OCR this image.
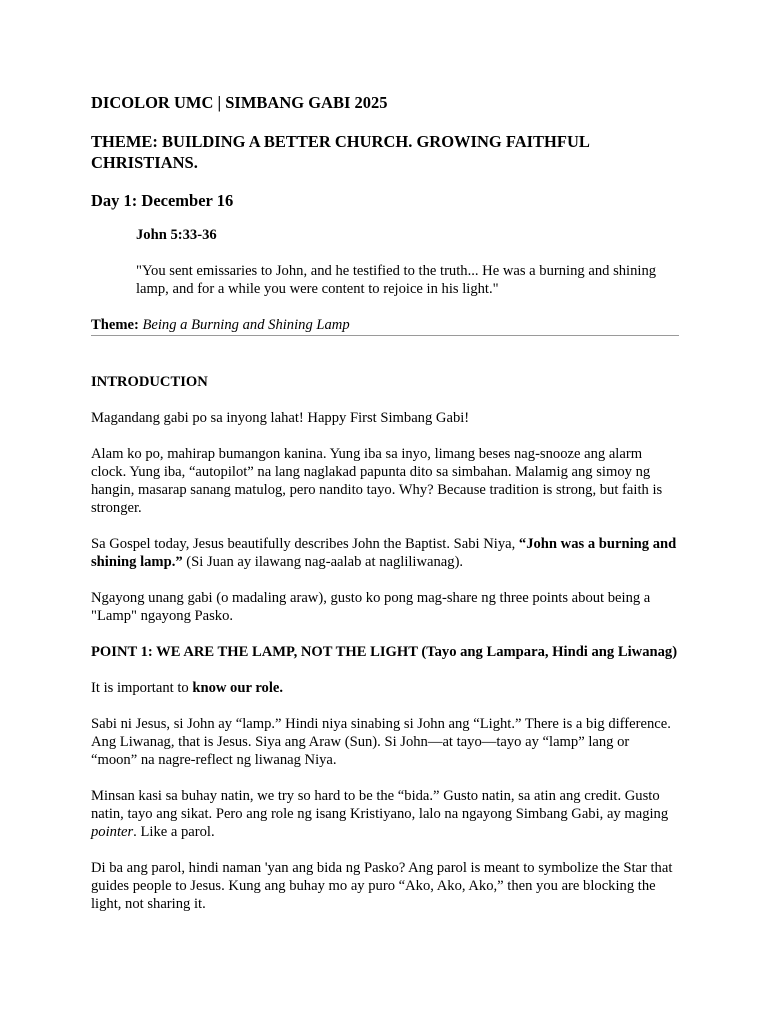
DICOLOR UMC | SIMBANG GABI 2025

THEME: BUILDING A BETTER CHURCH. GROWING FAITHFUL CHRISTIANS.

Day 1: December 16

John 5:33-36

"You sent emissaries to John, and he testified to the truth... He was a burning and shining lamp, and for a while you were content to rejoice in his light."

Theme: Being a Burning and Shining Lamp

INTRODUCTION

Magandang gabi po sa inyong lahat! Happy First Simbang Gabi!

Alam ko po, mahirap bumangon kanina. Yung iba sa inyo, limang beses nag-snooze ang alarm clock. Yung iba, “autopilot” na lang naglakad papunta dito sa simbahan. Malamig ang simoy ng hangin, masarap sanang matulog, pero nandito tayo. Why? Because tradition is strong, but faith is stronger.

Sa Gospel today, Jesus beautifully describes John the Baptist. Sabi Niya, “John was a burning and shining lamp.” (Si Juan ay ilawang nag-aalab at nagliliwanag).

Ngayong unang gabi (o madaling araw), gusto ko pong mag-share ng three points about being a "Lamp" ngayong Pasko.

POINT 1: WE ARE THE LAMP, NOT THE LIGHT (Tayo ang Lampara, Hindi ang Liwanag)

It is important to know our role.

Sabi ni Jesus, si John ay “lamp.” Hindi niya sinabing si John ang “Light.” There is a big difference. Ang Liwanag, that is Jesus. Siya ang Araw (Sun). Si John—at tayo—tayo ay “lamp” lang or “moon” na nagre-reflect ng liwanag Niya.

Minsan kasi sa buhay natin, we try so hard to be the “bida.” Gusto natin, sa atin ang credit. Gusto natin, tayo ang sikat. Pero ang role ng isang Kristiyano, lalo na ngayong Simbang Gabi, ay maging pointer. Like a parol.

Di ba ang parol, hindi naman 'yan ang bida ng Pasko? Ang parol is meant to symbolize the Star that guides people to Jesus. Kung ang buhay mo ay puro “Ako, Ako, Ako,” then you are blocking the light, not sharing it.
